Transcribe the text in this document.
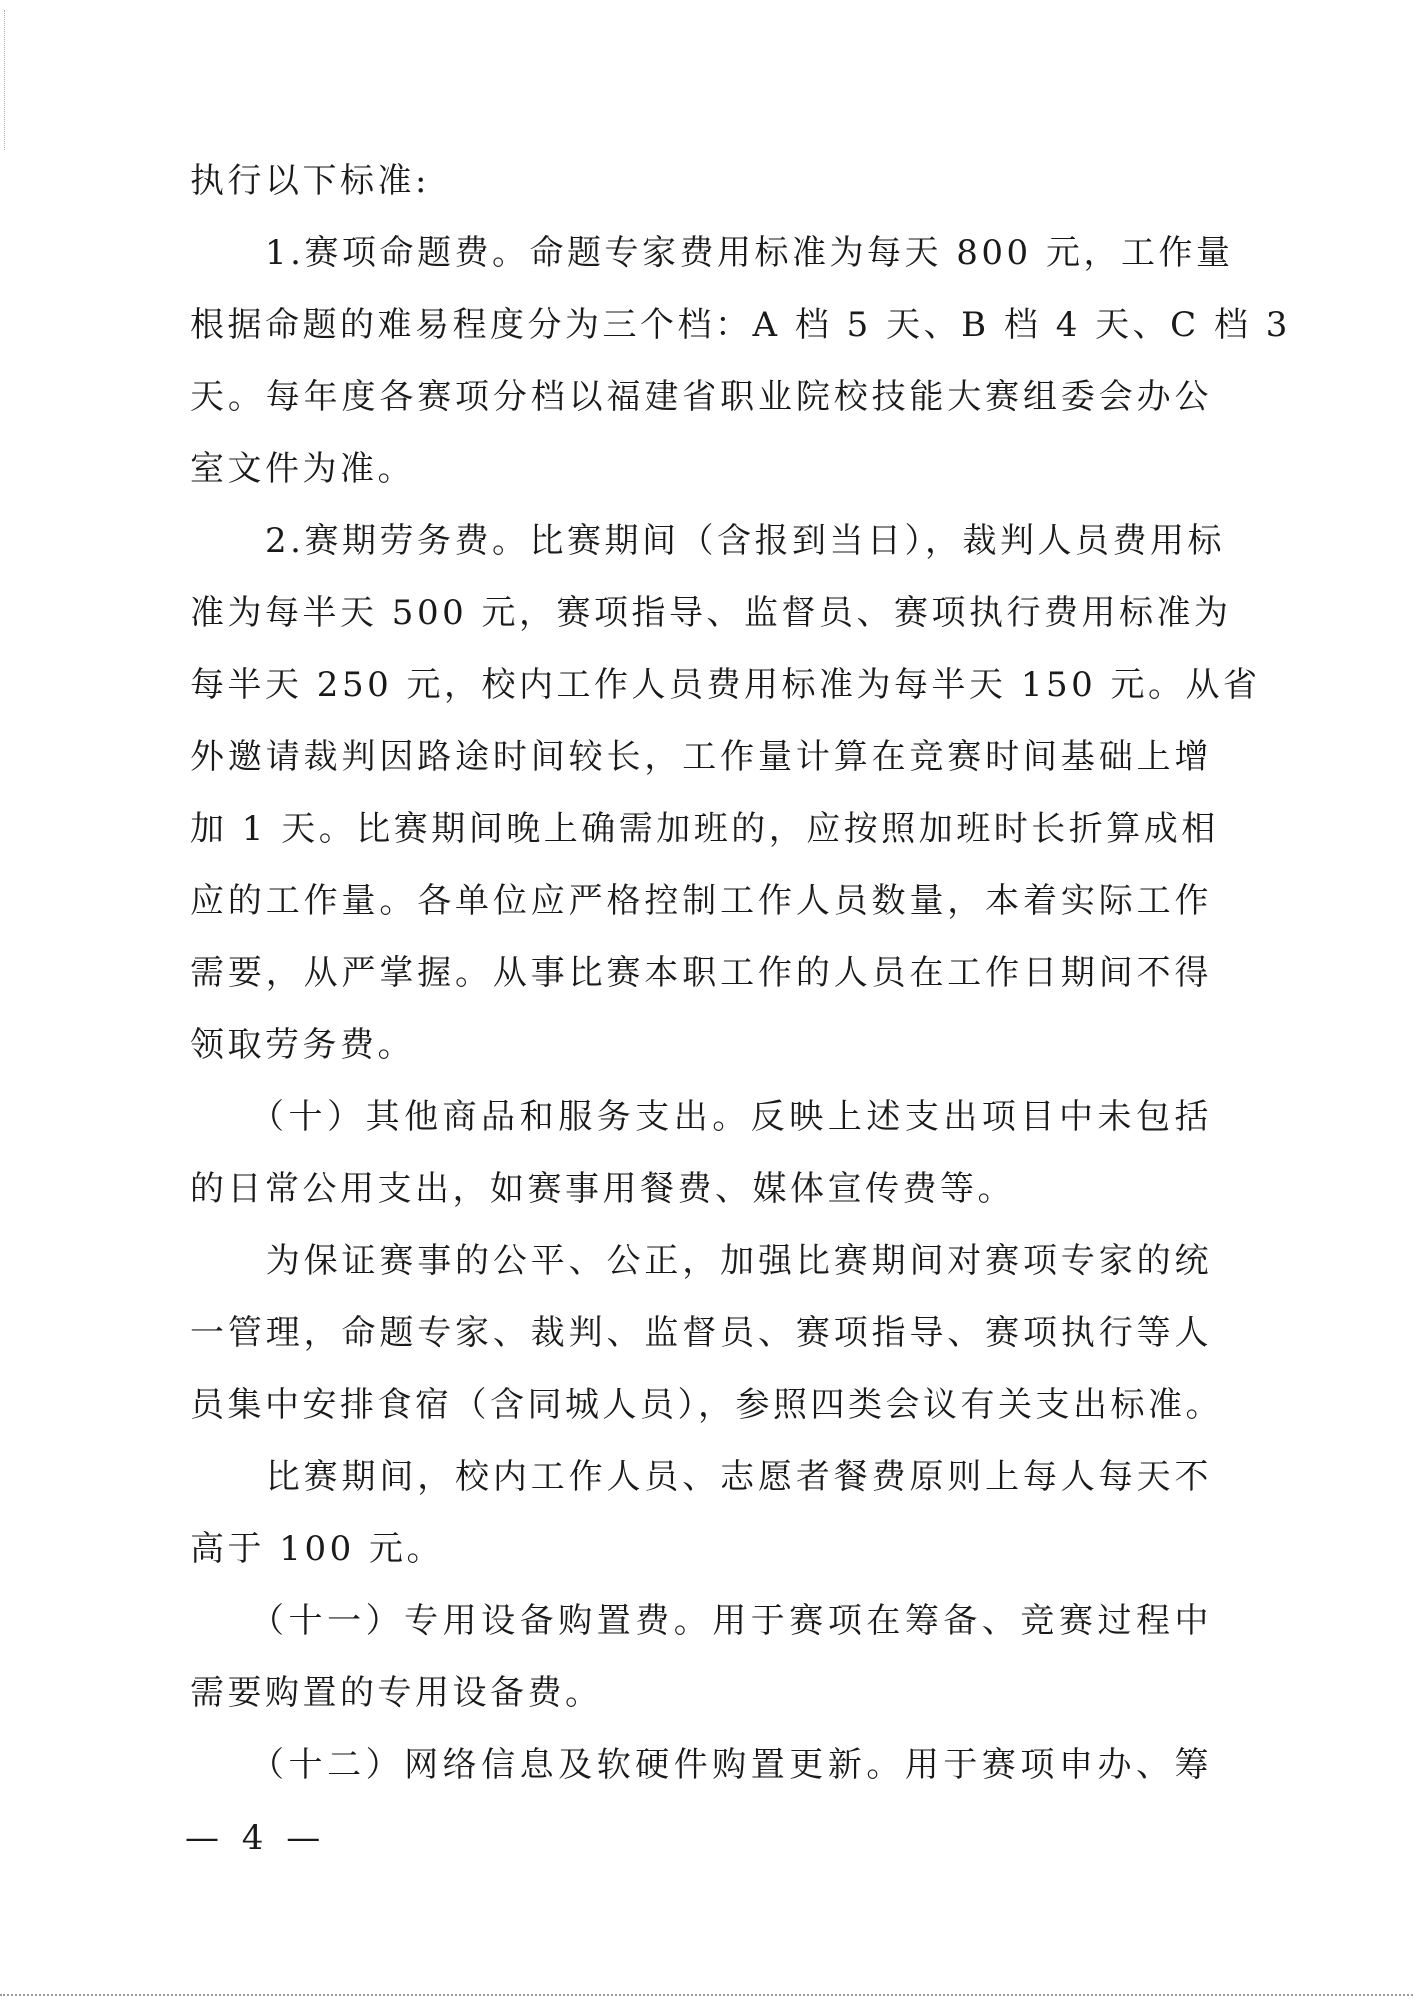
执行以下标准:
　　1.赛项命题费。命题专家费用标准为每天 800 元，工作量
根据命题的难易程度分为三个档：A 档 5 天、B 档 4 天、C 档 3
天。每年度各赛项分档以福建省职业院校技能大赛组委会办公
室文件为准。
　　2.赛期劳务费。比赛期间（含报到当日），裁判人员费用标
准为每半天 500 元，赛项指导、监督员、赛项执行费用标准为
每半天 250 元，校内工作人员费用标准为每半天 150 元。从省
外邀请裁判因路途时间较长，工作量计算在竞赛时间基础上增
加 1 天。比赛期间晚上确需加班的，应按照加班时长折算成相
应的工作量。各单位应严格控制工作人员数量，本着实际工作
需要，从严掌握。从事比赛本职工作的人员在工作日期间不得
领取劳务费。
　　（十）其他商品和服务支出。反映上述支出项目中未包括
的日常公用支出，如赛事用餐费、媒体宣传费等。
　　为保证赛事的公平、公正，加强比赛期间对赛项专家的统
一管理，命题专家、裁判、监督员、赛项指导、赛项执行等人
员集中安排食宿（含同城人员），参照四类会议有关支出标准。
　　比赛期间，校内工作人员、志愿者餐费原则上每人每天不
高于 100 元。
　　（十一）专用设备购置费。用于赛项在筹备、竞赛过程中
需要购置的专用设备费。
　　（十二）网络信息及软硬件购置更新。用于赛项申办、筹
— 4 —
